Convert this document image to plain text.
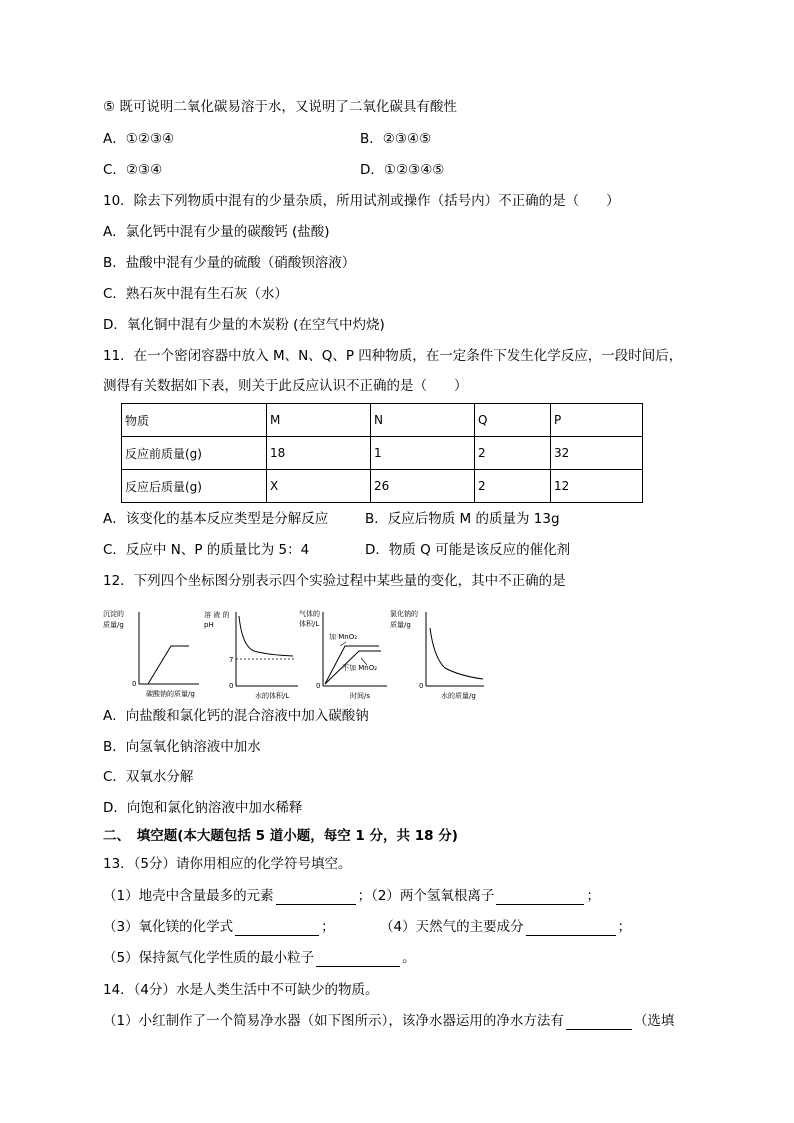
⑤ 既可说明二氧化碳易溶于水，又说明了二氧化碳具有酸性
A．①②③④	B．②③④⑤
C．②③④	D．①②③④⑤
10．除去下列物质中混有的少量杂质，所用试剂或操作（括号内）不正确的是（　　）
A．氯化钙中混有少量的碳酸钙 (盐酸)
B．盐酸中混有少量的硫酸（硝酸钡溶液）
C．熟石灰中混有生石灰（水）
D．氧化铜中混有少量的木炭粉 (在空气中灼烧)
11．在一个密闭容器中放入 M、N、Q、P 四种物质，在一定条件下发生化学反应，一段时间后，
测得有关数据如下表，则关于此反应认识不正确的是（　　）
物质	M	N	Q	P
反应前质量(g)	18	1	2	32
反应后质量(g)	X	26	2	12
A．该变化的基本反应类型是分解反应	B．反应后物质 M 的质量为 13g
C．反应中 N、P 的质量比为 5：4	D．物质 Q 可能是该反应的催化剂
12．下列四个坐标图分别表示四个实验过程中某些量的变化，其中不正确的是
沉淀的
质量/g
0
碳酸钠的质量/g
溶 液 的
pH
0
7
水的体积/L
气体的
体积/L
0
加 MnO₂
不加 MnO₂
时间/s
氯化钠的
质量/g
0
水的质量/g
A．向盐酸和氯化钙的混合溶液中加入碳酸钠
B．向氢氧化钠溶液中加水
C．双氧水分解
D．向饱和氯化钠溶液中加水稀释
二、　填空题(本大题包括 5 道小题，每空 1 分，共 18 分)
13．（5分）请你用相应的化学符号填空。
（1）地壳中含量最多的元素	；（2）两个氢氧根离子	；
（3）氧化镁的化学式	；	（4）天然气的主要成分	；
（5）保持氮气化学性质的最小粒子	。
14．（4分）水是人类生活中不可缺少的物质。
（1）小红制作了一个简易净水器（如下图所示），该净水器运用的净水方法有	（选填
